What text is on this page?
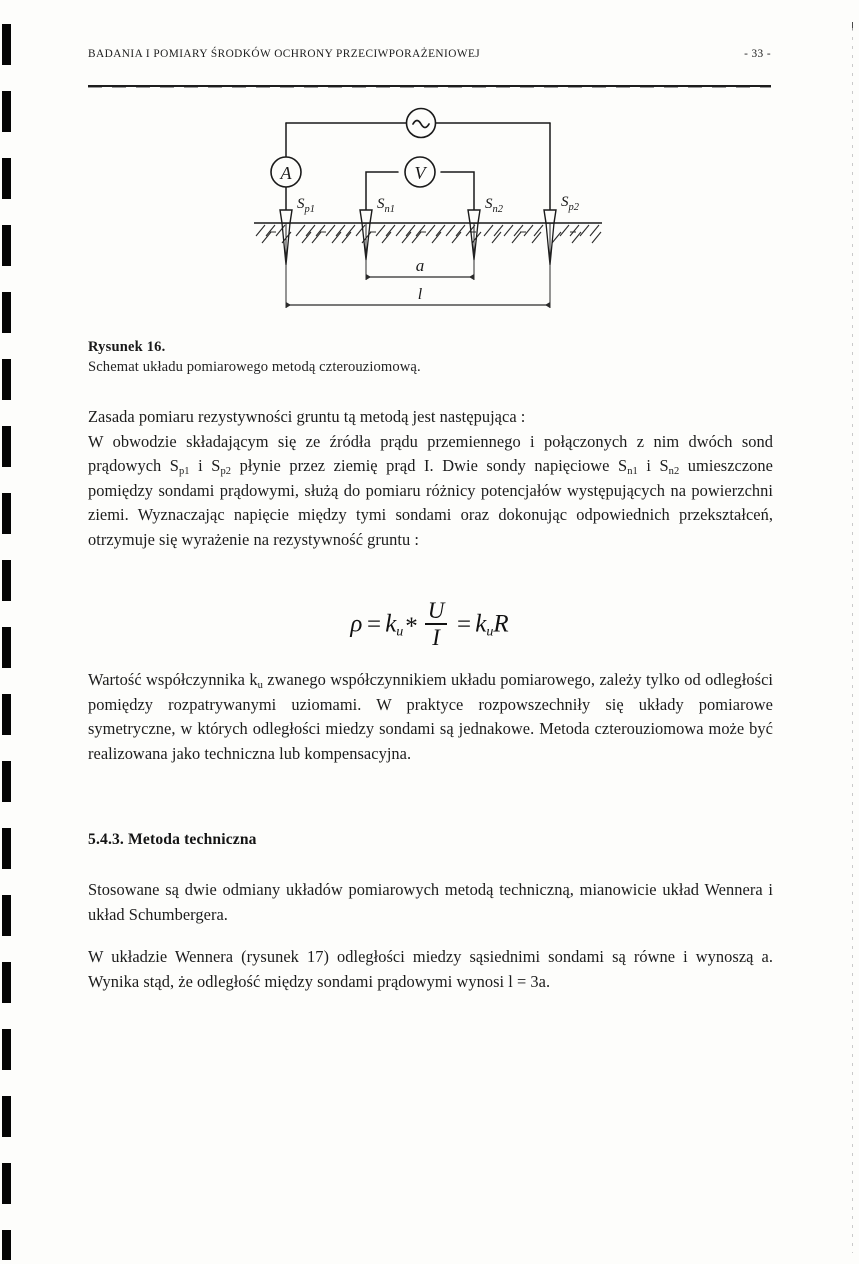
BADANIA I POMIARY ŚRODKÓW OCHRONY PRZECIWPORAŻENIOWEJ	- 33 -
A	V
$S_{p1}$	$S_{n1}$	$S_{n2}$	$S_{p2}$
a
l
Rysunek 16.
Schemat układu pomiarowego metodą czterouziomową.
Zasada pomiaru rezystywności gruntu tą metodą jest następująca :
W obwodzie składającym się ze źródła prądu przemiennego i połączonych z nim dwóch sond prądowych $S_{p1}$ i $S_{p2}$ płynie przez ziemię prąd I. Dwie sondy napięciowe $S_{n1}$ i $S_{n2}$ umieszczone pomiędzy sondami prądowymi, służą do pomiaru różnicy potencjałów występujących na powierzchni ziemi. Wyznaczając napięcie między tymi sondami oraz dokonując odpowiednich przekształceń, otrzymuje się wyrażenie na rezystywność gruntu :
$\rho = k_u* \frac{U}{I} = k_uR$
Wartość współczynnika $k_u$ zwanego współczynnikiem układu pomiarowego, zależy tylko od odległości pomiędzy rozpatrywanymi uziomami. W praktyce rozpowszechniły się układy pomiarowe symetryczne, w których odległości miedzy sondami są jednakowe. Metoda czterouziomowa może być realizowana jako techniczna lub kompensacyjna.
5.4.3. Metoda techniczna
Stosowane są dwie odmiany układów pomiarowych metodą techniczną, mianowicie układ Wennera i układ Schumbergera.
W układzie Wennera (rysunek 17) odległości miedzy sąsiednimi sondami są równe i wynoszą a. Wynika stąd, że odległość między sondami prądowymi wynosi l = 3a.
